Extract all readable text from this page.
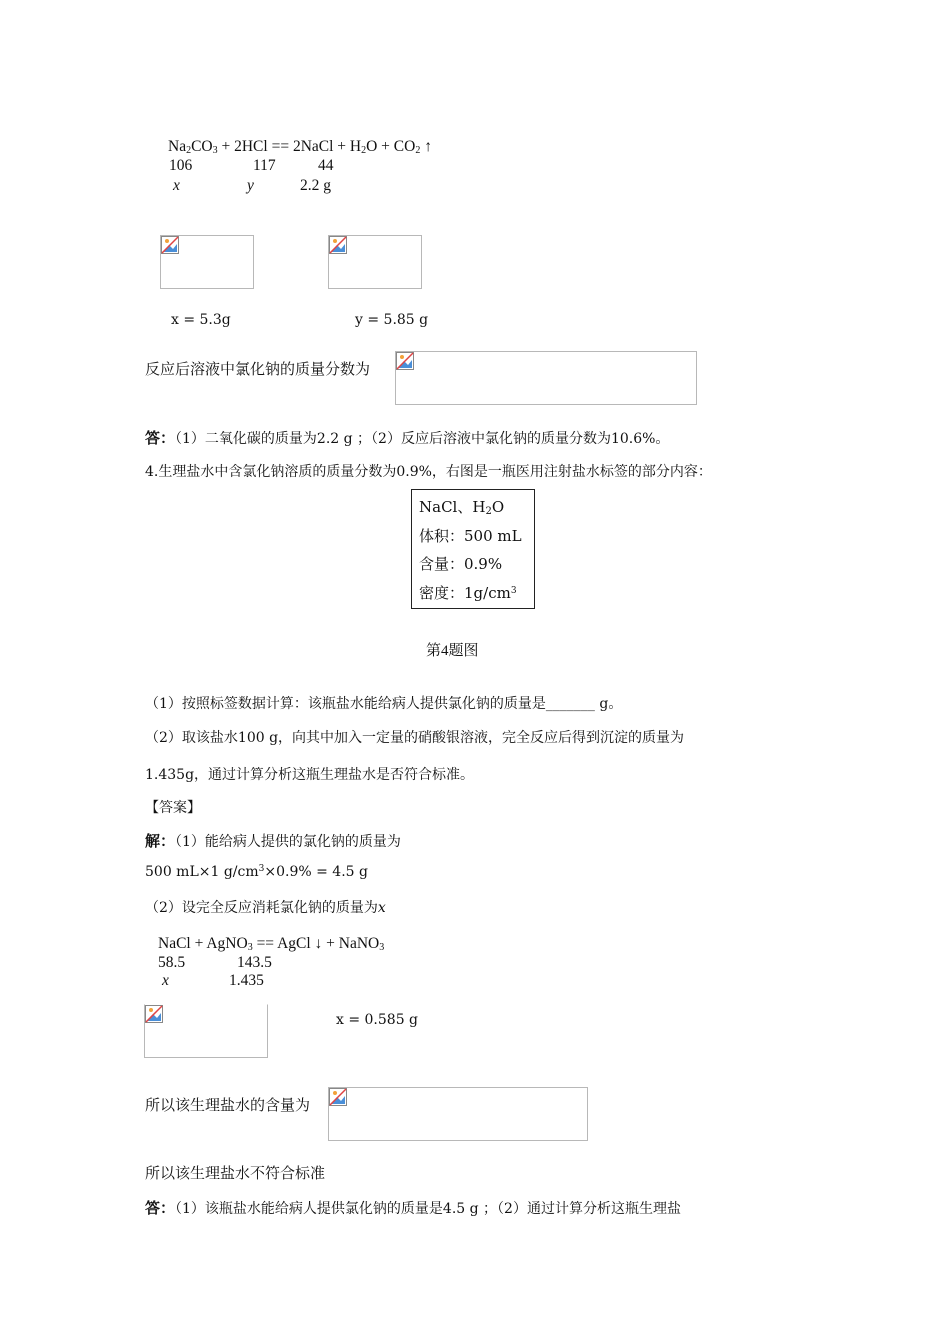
$Na_2CO_3 + 2HCl$ == 2NaCl + $H_2O + CO_2$ ↑
106	117	44
x	y	2.2 g
x = 5.3g	y = 5.85 g
反应后溶液中氯化钠的质量分数为
答：（1）二氧化碳的质量为2.2 g ；（2）反应后溶液中氯化钠的质量分数为10.6%。
4.生理盐水中含氯化钠溶质的质量分数为0.9%，右图是一瓶医用注射盐水标签的部分内容：
NaCl、$H_2O$
体积：500 mL
含量：0.9%
密度：$1g/cm^3$
第4题图
（1）按照标签数据计算：该瓶盐水能给病人提供氯化钠的质量是_______ g。
（2）取该盐水100 g，向其中加入一定量的硝酸银溶液，完全反应后得到沉淀的质量为
1.435g，通过计算分析这瓶生理盐水是否符合标准。
【答案】
解：（1）能给病人提供的氯化钠的质量为
500 mL×1 $g/cm^3\times 0.9\% = 4.5$ g
（2）设完全反应消耗氯化钠的质量为x
NaCl + AgNO$_3$ == AgCl ↓ + NaNO$_3$
58.5	143.5
x	1.435
x = 0.585 g
所以该生理盐水的含量为
所以该生理盐水不符合标准
答：（1）该瓶盐水能给病人提供氯化钠的质量是4.5 g ；（2）通过计算分析这瓶生理盐
